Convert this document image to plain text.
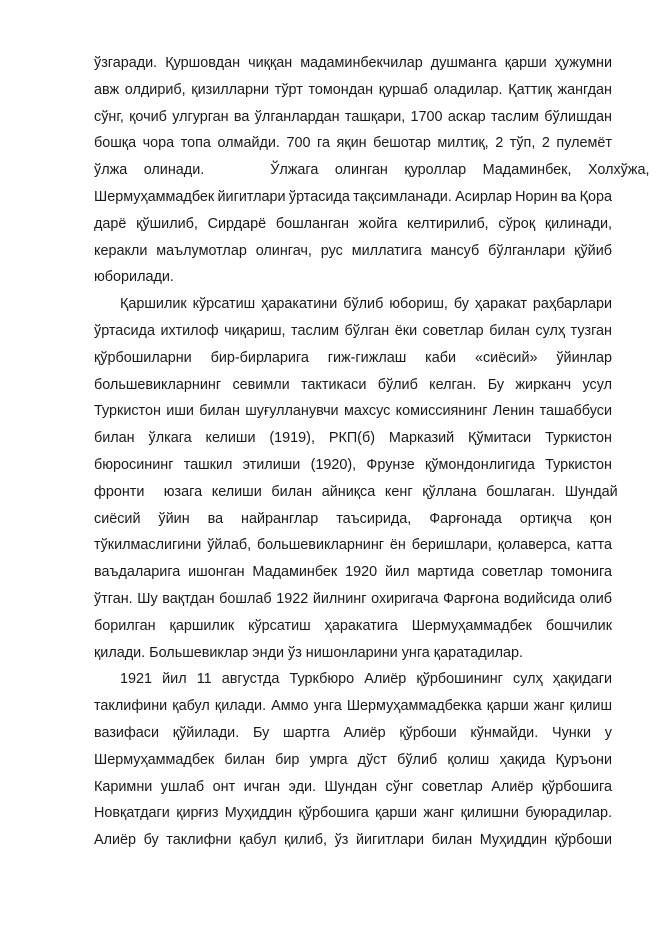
ўзгаради. Қуршовдан чиққан мадаминбекчилар душманга қарши ҳужумни
авж олдириб, қизилларни тўрт томондан қуршаб оладилар. Қаттиқ жангдан
сўнг, қочиб улгурган ва ўлганлардан ташқари, 1700 аскар таслим бўлишдан
бошқа чора топа олмайди. 700 га яқин бешотар милтиқ, 2 тўп, 2 пулемёт
ўлжа олинади.    Ўлжага олинган қуроллар Мадаминбек, Холхўжа,
Шермуҳаммадбек йигитлари ўртасида тақсимланади. Асирлар Норин ва Қора
дарё қўшилиб, Сирдарё бошланган жойга келтирилиб, сўроқ қилинади,
керакли маълумотлар олингач, рус миллатига мансуб бўлганлари қўйиб
юборилади.
Қаршилик кўрсатиш ҳаракатини бўлиб юбориш, бу ҳаракат раҳбарлари
ўртасида ихтилоф чиқариш, таслим бўлган ёки советлар билан сулҳ тузган
қўрбошиларни бир-бирларига гиж-гижлаш каби «сиёсий» ўйинлар
большевикларнинг севимли тактикаси бўлиб келган. Бу жирканч усул
Туркистон иши билан шуғулланувчи махсус комиссиянинг Ленин ташаббуси
билан ўлкага келиши (1919), РКП(б) Марказий Қўмитаси Туркистон
бюросининг ташкил этилиши (1920), Фрунзе қўмондонлигида Туркистон
фронти  юзага келиши билан айниқса кенг қўллана бошлаган. Шундай
сиёсий ўйин ва найранглар таъсирида, Фарғонада ортиқча қон
тўкилмаслигини ўйлаб, большевикларнинг ён беришлари, қолаверса, катта
ваъдаларига ишонган Мадаминбек 1920 йил мартида советлар томонига
ўтган. Шу вақтдан бошлаб 1922 йилнинг охиригача Фарғона водийсида олиб
борилган қаршилик кўрсатиш ҳаракатига Шермуҳаммадбек бошчилик
қилади. Большевиклар энди ўз нишонларини унга қаратадилар.
1921 йил 11 августда Туркбюро Алиёр қўрбошининг сулҳ ҳақидаги
таклифини қабул қилади. Аммо унга Шермуҳаммадбекка қарши жанг қилиш
вазифаси қўйилади. Бу шартга Алиёр қўрбоши кўнмайди. Чунки у
Шермуҳаммадбек билан бир умрга дўст бўлиб қолиш ҳақида Қуръони
Каримни ушлаб онт ичган эди. Шундан сўнг советлар Алиёр қўрбошига
Новқатдаги қирғиз Муҳиддин қўрбошига қарши жанг қилишни буюрадилар.
Алиёр бу таклифни қабул қилиб, ўз йигитлари билан Муҳиддин қўрбоши
